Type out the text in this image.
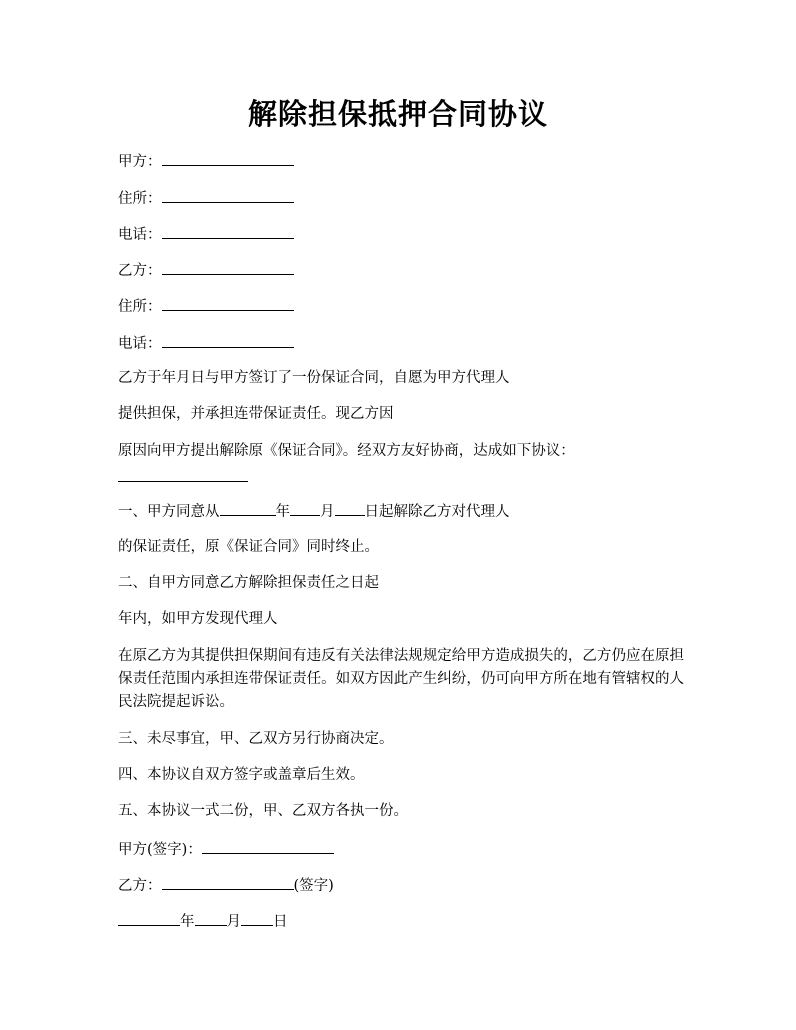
解除担保抵押合同协议
甲方：
住所：
电话：
乙方：
住所：
电话：
乙方于年月日与甲方签订了一份保证合同，自愿为甲方代理人
提供担保，并承担连带保证责任。现乙方因
原因向甲方提出解除原《保证合同》。经双方友好协商，达成如下协议：
一、甲方同意从	年 月 日起解除乙方对代理人
的保证责任，原《保证合同》同时终止。
二、自甲方同意乙方解除担保责任之日起
年内，如甲方发现代理人
在原乙方为其提供担保期间有违反有关法律法规规定给甲方造成损失的，乙方仍应在原担保责任范围内承担连带保证责任。如双方因此产生纠纷，仍可向甲方所在地有管辖权的人民法院提起诉讼。
三、未尽事宜，甲、乙双方另行协商决定。
四、本协议自双方签字或盖章后生效。
五、本协议一式二份，甲、乙双方各执一份。
甲方(签字)：
乙方：	(签字)
年 月 日
